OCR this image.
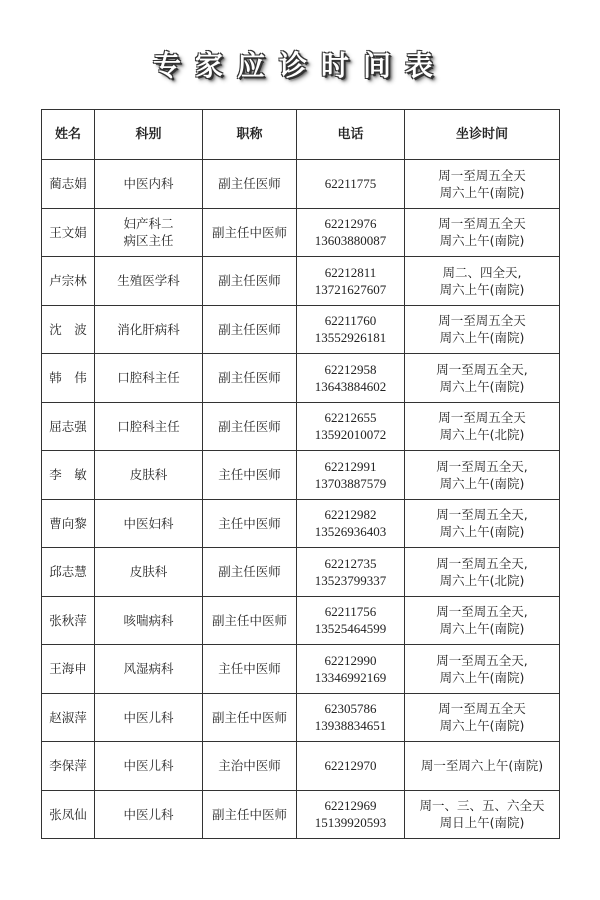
专家应诊时间表
姓名	科别	职称	电话	坐诊时间
蔺志娟	中医内科	副主任医师	62211775	周一至周五全天
周六上午(南院)

王文娟	妇产科二
病区主任	副主任中医师	62212976
13603880087	周一至周五全天
周六上午(南院)

卢宗林	生殖医学科	副主任医师	62212811
13721627607	周二、四全天,
周六上午(南院)

沈　波	消化肝病科	副主任医师	62211760
13552926181	周一至周五全天
周六上午(南院)

韩　伟	口腔科主任	副主任医师	62212958
13643884602	周一至周五全天,
周六上午(南院)

屈志强	口腔科主任	副主任医师	62212655
13592010072	周一至周五全天
周六上午(北院)

李　敏	皮肤科	主任中医师	62212991
13703887579	周一至周五全天,
周六上午(南院)

曹向黎	中医妇科	主任中医师	62212982
13526936403	周一至周五全天,
周六上午(南院)

邱志慧	皮肤科	副主任医师	62212735
13523799337	周一至周五全天,
周六上午(北院)

张秋萍	咳喘病科	副主任中医师	62211756
13525464599	周一至周五全天,
周六上午(南院)

王海申	风湿病科	主任中医师	62212990
13346992169	周一至周五全天,
周六上午(南院)

赵淑萍	中医儿科	副主任中医师	62305786
13938834651	周一至周五全天
周六上午(南院)

李保萍	中医儿科	主治中医师	62212970	周一至周六上午(南院)

张凤仙	中医儿科	副主任中医师	62212969
15139920593	周一、三、五、六全天
周日上午(南院)
